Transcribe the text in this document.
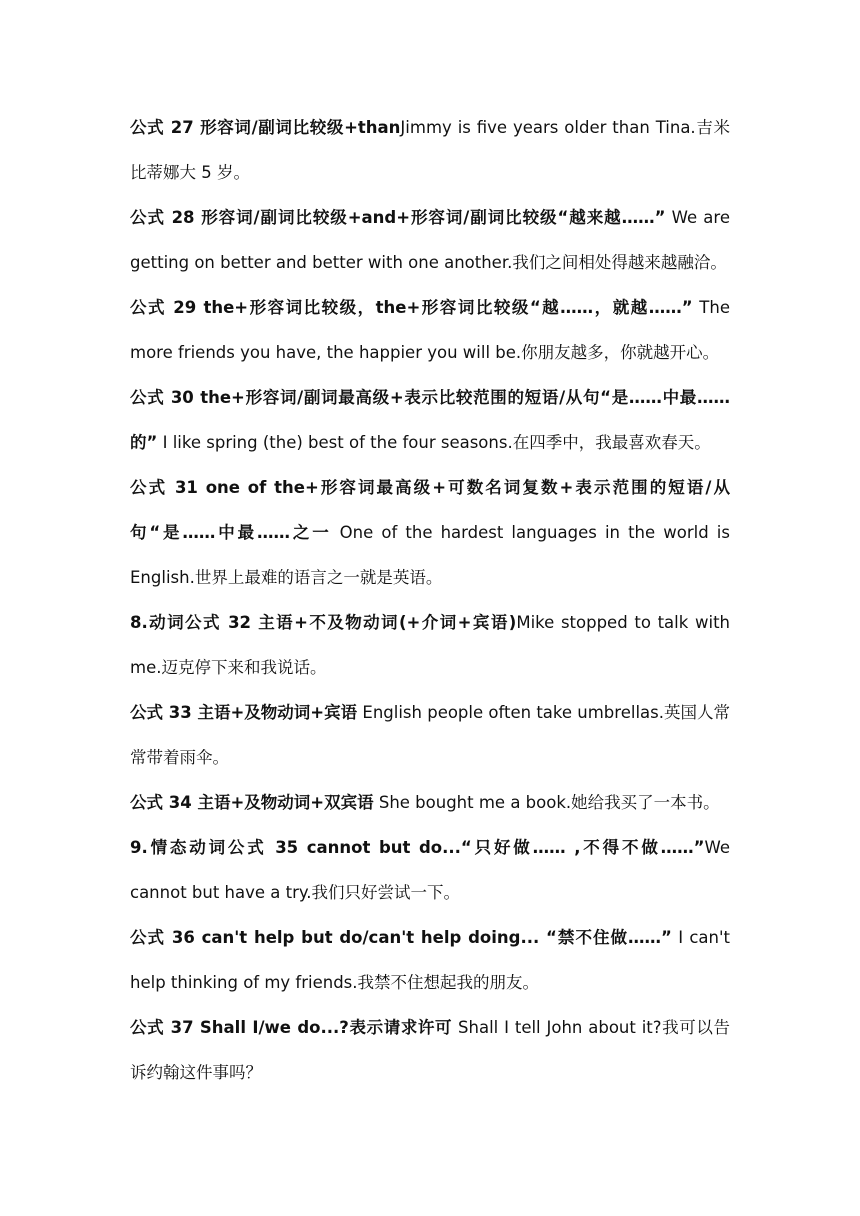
公式 27 形容词/副词比较级+thanJimmy is five years older than Tina.吉米比蒂娜大 5 岁。

公式 28 形容词/副词比较级+and+形容词/副词比较级“越来越……” We are getting on better and better with one another.我们之间相处得越来越融洽。

公式 29 the+形容词比较级，the+形容词比较级“越……，就越……” The more friends you have, the happier you will be.你朋友越多，你就越开心。

公式 30 the+形容词/副词最高级+表示比较范围的短语/从句“是……中最……的” I like spring (the) best of the four seasons.在四季中，我最喜欢春天。

公式 31 one of the+形容词最高级+可数名词复数+表示范围的短语/从句“是……中最……之一 One of the hardest languages in the world is English.世界上最难的语言之一就是英语。

8.动词公式 32 主语+不及物动词(+介词+宾语)Mike stopped to talk with me.迈克停下来和我说话。

公式 33 主语+及物动词+宾语 English people often take umbrellas.英国人常常带着雨伞。

公式 34 主语+及物动词+双宾语 She bought me a book.她给我买了一本书。

9.情态动词公式 35 cannot but do...“只好做…… ,不得不做……”We cannot but have a try.我们只好尝试一下。

公式 36 can't help but do/can't help doing... “禁不住做……” I can't help thinking of my friends.我禁不住想起我的朋友。

公式 37 Shall I/we do...?表示请求许可 Shall I tell John about it?我可以告诉约翰这件事吗？
